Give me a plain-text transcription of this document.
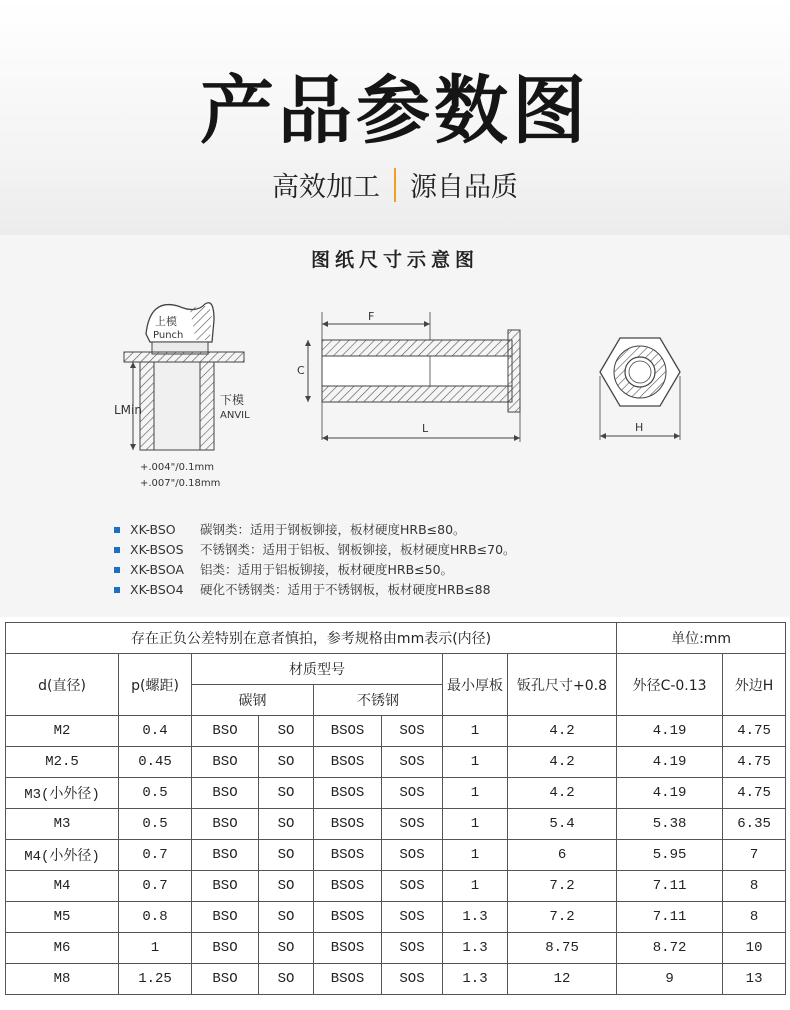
产品参数图
高效加工 源自品质
图纸尺寸示意图
上模
Punch
LMin
下模
ANVIL
+.004"/0.1mm
+.007"/0.18mm
F
C
L	H
XK-BSO	碳钢类：适用于钢板铆接，板材硬度HRB≤80。
XK-BSOS	不锈钢类：适用于铝板、钢板铆接，板材硬度HRB≤70。
XK-BSOA	铝类：适用于铝板铆接，板材硬度HRB≤50。
XK-BSO4	硬化不锈钢类：适用于不锈钢板，板材硬度HRB≤88
存在正负公差特别在意者慎拍，参考规格由mm表示(内径)								单位:mm	
d(直径)	p(螺距)	材质型号				最小厚板	钣孔尺寸+0.8	外径C-0.13	外边H
		碳钢		不锈钢					
M2	0.4	BSO	SO	BSOS	SOS	1	4.2	4.19	4.75
M2.5	0.45	BSO	SO	BSOS	SOS	1	4.2	4.19	4.75
M3(小外径)	0.5	BSO	SO	BSOS	SOS	1	4.2	4.19	4.75
M3	0.5	BSO	SO	BSOS	SOS	1	5.4	5.38	6.35
M4(小外径)	0.7	BSO	SO	BSOS	SOS	1	6	5.95	7
M4	0.7	BSO	SO	BSOS	SOS	1	7.2	7.11	8
M5	0.8	BSO	SO	BSOS	SOS	1.3	7.2	7.11	8
M6	1	BSO	SO	BSOS	SOS	1.3	8.75	8.72	10
M8	1.25	BSO	SO	BSOS	SOS	1.3	12	9	13
